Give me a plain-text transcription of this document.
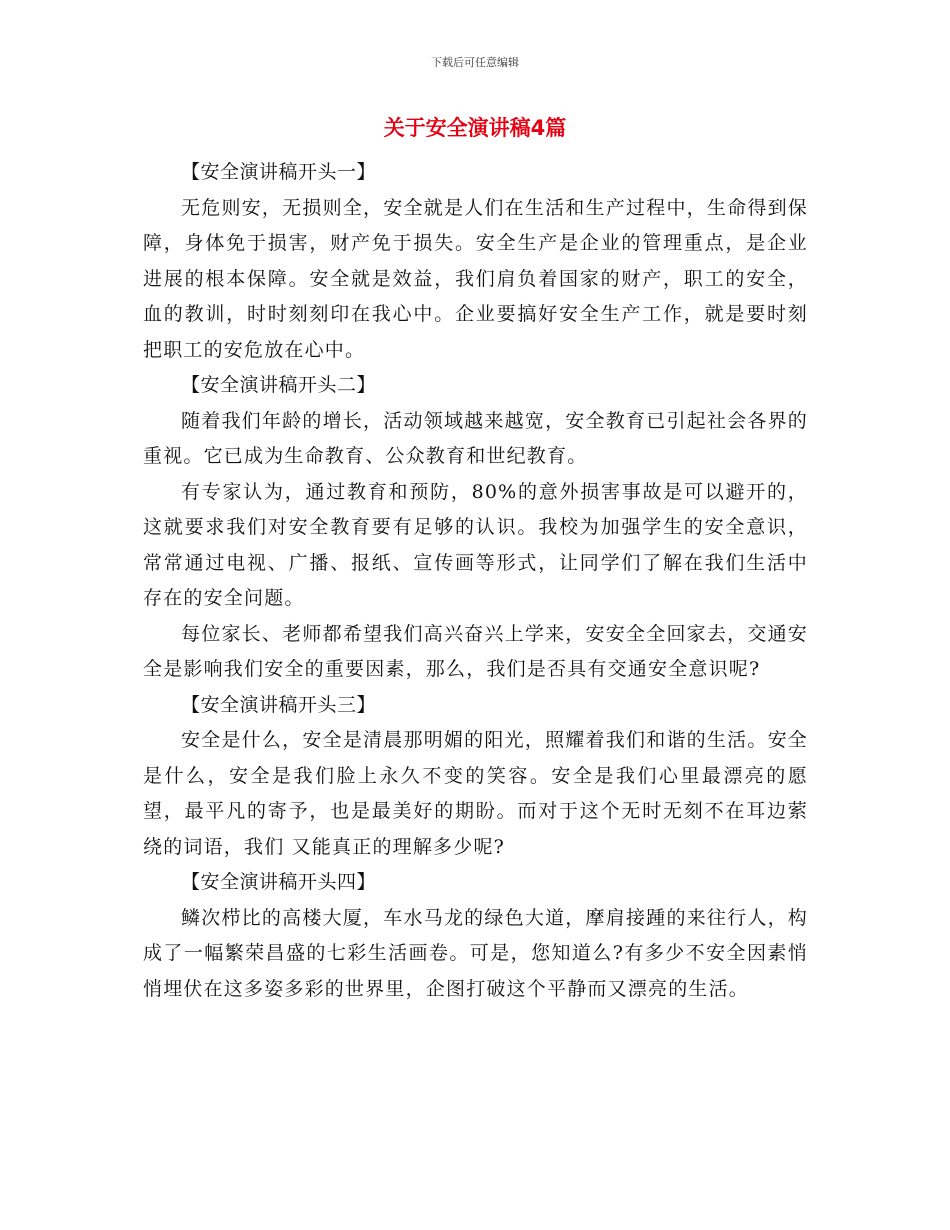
下载后可任意编辑
关于安全演讲稿4篇

【安全演讲稿开头一】

无危则安，无损则全，安全就是人们在生活和生产过程中，生命得到保障，身体免于损害，财产免于损失。安全生产是企业的管理重点，是企业进展的根本保障。安全就是效益，我们肩负着国家的财产，职工的安全，血的教训，时时刻刻印在我心中。企业要搞好安全生产工作，就是要时刻把职工的安危放在心中。

【安全演讲稿开头二】

随着我们年龄的增长，活动领域越来越宽，安全教育已引起社会各界的重视。它已成为生命教育、公众教育和世纪教育。

有专家认为，通过教育和预防，80%的意外损害事故是可以避开的，这就要求我们对安全教育要有足够的认识。我校为加强学生的安全意识，常常通过电视、广播、报纸、宣传画等形式，让同学们了解在我们生活中存在的安全问题。

每位家长、老师都希望我们高兴奋兴上学来，安安全全回家去，交通安全是影响我们安全的重要因素，那么，我们是否具有交通安全意识呢?

【安全演讲稿开头三】

安全是什么，安全是清晨那明媚的阳光，照耀着我们和谐的生活。安全是什么，安全是我们脸上永久不变的笑容。安全是我们心里最漂亮的愿望，最平凡的寄予，也是最美好的期盼。而对于这个无时无刻不在耳边萦绕的词语，我们 又能真正的理解多少呢?

【安全演讲稿开头四】

鳞次栉比的高楼大厦，车水马龙的绿色大道，摩肩接踵的来往行人，构成了一幅繁荣昌盛的七彩生活画卷。可是，您知道么?有多少不安全因素悄悄埋伏在这多姿多彩的世界里，企图打破这个平静而又漂亮的生活。
